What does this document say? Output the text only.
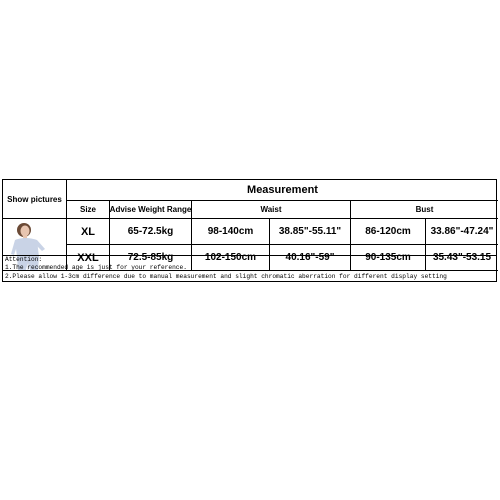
Show pictures
Measurement
Size	Advise Weight Range	Waist	Bust
XL	65-72.5kg	98-140cm	38.85"-55.11"	86-120cm	33.86"-47.24"
XXL	72.5-85kg	102-150cm	40.16"-59"	90-135cm	35.43"-53.15
Attention:
1.The recommended age is just for your reference.
2.Please allow 1-3cm difference due to manual measurement and slight chromatic aberration for different display setting
